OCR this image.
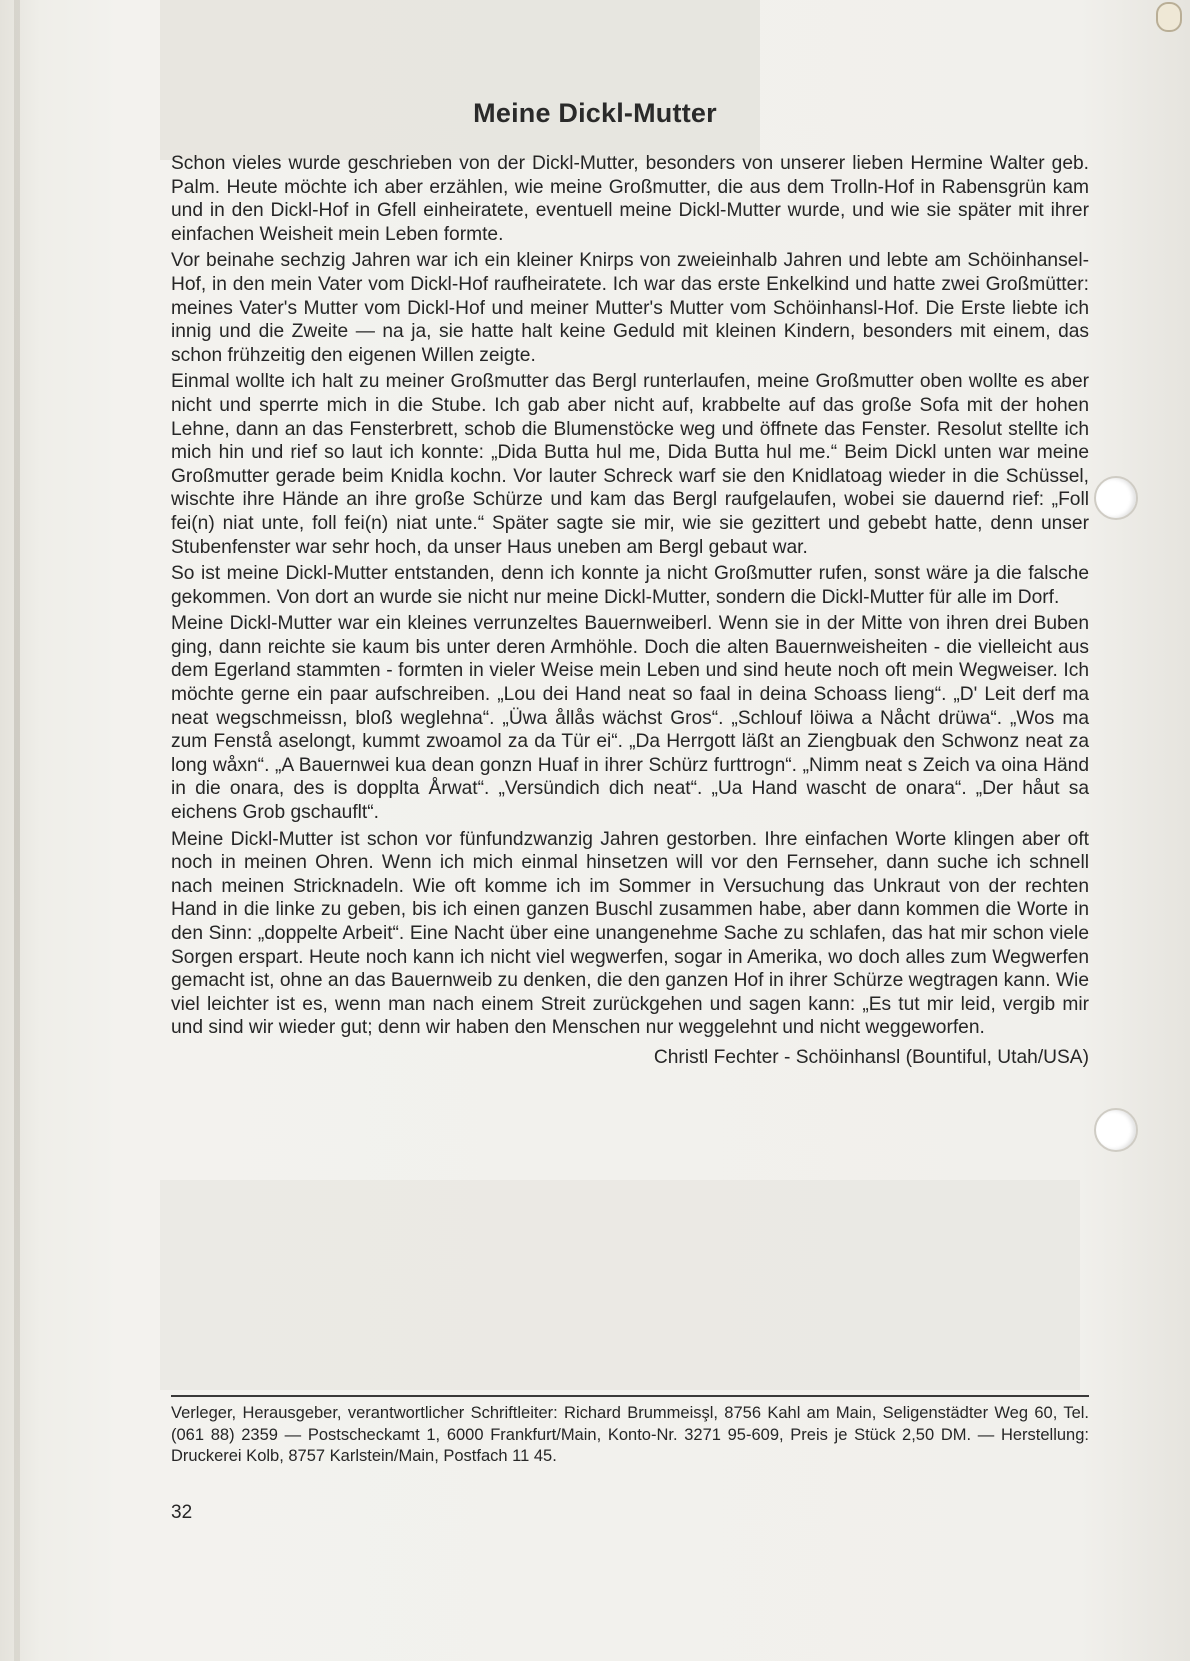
Meine Dickl-Mutter

Schon vieles wurde geschrieben von der Dickl-Mutter, besonders von unserer lieben Hermine Walter geb. Palm. Heute möchte ich aber erzählen, wie meine Großmutter, die aus dem Trolln-Hof in Rabensgrün kam und in den Dickl-Hof in Gfell einheiratete, eventuell meine Dickl-Mutter wurde, und wie sie später mit ihrer einfachen Weisheit mein Leben formte.

Vor beinahe sechzig Jahren war ich ein kleiner Knirps von zweieinhalb Jahren und lebte am Schöinhansel-Hof, in den mein Vater vom Dickl-Hof raufheiratete. Ich war das erste Enkelkind und hatte zwei Großmütter: meines Vater's Mutter vom Dickl-Hof und meiner Mutter's Mutter vom Schöinhansl-Hof. Die Erste liebte ich innig und die Zweite — na ja, sie hatte halt keine Geduld mit kleinen Kindern, besonders mit einem, das schon frühzeitig den eigenen Willen zeigte.

Einmal wollte ich halt zu meiner Großmutter das Bergl runterlaufen, meine Großmutter oben wollte es aber nicht und sperrte mich in die Stube. Ich gab aber nicht auf, krabbelte auf das große Sofa mit der hohen Lehne, dann an das Fensterbrett, schob die Blumenstöcke weg und öffnete das Fenster. Resolut stellte ich mich hin und rief so laut ich konnte: „Dida Butta hul me, Dida Butta hul me.“ Beim Dickl unten war meine Großmutter gerade beim Knidla kochn. Vor lauter Schreck warf sie den Knidlatoag wieder in die Schüssel, wischte ihre Hände an ihre große Schürze und kam das Bergl raufgelaufen, wobei sie dauernd rief: „Foll fei(n) niat unte, foll fei(n) niat unte.“ Später sagte sie mir, wie sie gezittert und gebebt hatte, denn unser Stubenfenster war sehr hoch, da unser Haus uneben am Bergl gebaut war.

So ist meine Dickl-Mutter entstanden, denn ich konnte ja nicht Großmutter rufen, sonst wäre ja die falsche gekommen. Von dort an wurde sie nicht nur meine Dickl-Mutter, sondern die Dickl-Mutter für alle im Dorf.

Meine Dickl-Mutter war ein kleines verrunzeltes Bauernweiberl. Wenn sie in der Mitte von ihren drei Buben ging, dann reichte sie kaum bis unter deren Armhöhle. Doch die alten Bauernweisheiten - die vielleicht aus dem Egerland stammten - formten in vieler Weise mein Leben und sind heute noch oft mein Wegweiser. Ich möchte gerne ein paar aufschreiben. „Lou dei Hand neat so faal in deina Schoass lieng“. „D' Leit derf ma neat wegschmeissn, bloß weglehna“. „Üwa ållås wächst Gros“. „Schlouf löiwa a Nåcht drüwa“. „Wos ma zum Fenstå aselongt, kummt zwoamol za da Tür ei“. „Da Herrgott läßt an Ziengbuak den Schwonz neat za long wåxn“. „A Bauernwei kua dean gonzn Huaf in ihrer Schürz furttrogn“. „Nimm neat s Zeich va oina Händ in die onara, des is dopplta Årwat“. „Versündich dich neat“. „Ua Hand wascht de onara“. „Der håut sa eichens Grob gschauflt“.

Meine Dickl-Mutter ist schon vor fünfundzwanzig Jahren gestorben. Ihre einfachen Worte klingen aber oft noch in meinen Ohren. Wenn ich mich einmal hinsetzen will vor den Fernseher, dann suche ich schnell nach meinen Stricknadeln. Wie oft komme ich im Sommer in Versuchung das Unkraut von der rechten Hand in die linke zu geben, bis ich einen ganzen Buschl zusammen habe, aber dann kommen die Worte in den Sinn: „doppelte Arbeit“. Eine Nacht über eine unangenehme Sache zu schlafen, das hat mir schon viele Sorgen erspart. Heute noch kann ich nicht viel wegwerfen, sogar in Amerika, wo doch alles zum Wegwerfen gemacht ist, ohne an das Bauernweib zu denken, die den ganzen Hof in ihrer Schürze wegtragen kann. Wie viel leichter ist es, wenn man nach einem Streit zurückgehen und sagen kann: „Es tut mir leid, vergib mir und sind wir wieder gut; denn wir haben den Menschen nur weggelehnt und nicht weggeworfen.

Christl Fechter - Schöinhansl (Bountiful, Utah/USA)
Verleger, Herausgeber, verantwortlicher Schriftleiter: Richard Brummeisşl, 8756 Kahl am Main, Seligenstädter Weg 60, Tel. (061 88) 2359 — Postscheckamt 1, 6000 Frankfurt/Main, Konto-Nr. 3271 95-609, Preis je Stück 2,50 DM. — Herstellung: Druckerei Kolb, 8757 Karlstein/Main, Postfach 11 45.
32
